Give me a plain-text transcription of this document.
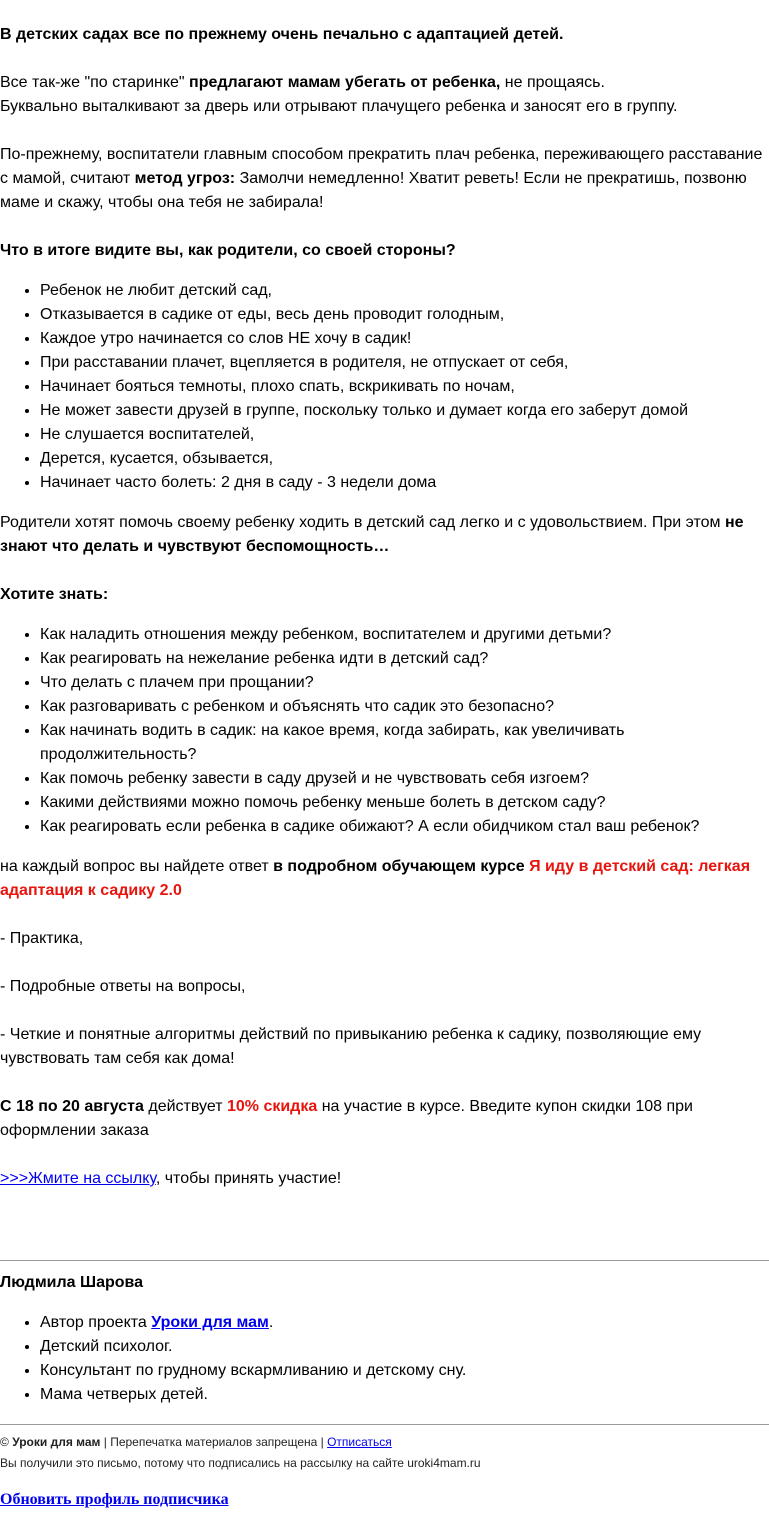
В детских садах все по прежнему очень печально с адаптацией детей.

Все так-же "по старинке" предлагают мамам убегать от ребенка, не прощаясь.

Буквально выталкивают за дверь или отрывают плачущего ребенка и заносят его в группу.

По-прежнему, воспитатели главным способом прекратить плач ребенка, переживающего расставание с мамой, считают метод угроз: Замолчи немедленно! Хватит реветь! Если не прекратишь, позвоню маме и скажу, чтобы она тебя не забирала!

Что в итоге видите вы, как родители, со своей стороны?

• Ребенок не любит детский сад,
• Отказывается в садике от еды, весь день проводит голодным,
• Каждое утро начинается со слов НЕ хочу в садик!
• При расставании плачет, вцепляется в родителя, не отпускает от себя,
• Начинает бояться темноты, плохо спать, вскрикивать по ночам,
• Не может завести друзей в группе, поскольку только и думает когда его заберут домой
• Не слушается воспитателей,
• Дерется, кусается, обзывается,
• Начинает часто болеть: 2 дня в саду - 3 недели дома

Родители хотят помочь своему ребенку ходить в детский сад легко и с удовольствием. При этом не знают что делать и чувствуют беспомощность…

Хотите знать:

• Как наладить отношения между ребенком, воспитателем и другими детьми?
• Как реагировать на нежелание ребенка идти в детский сад?
• Что делать с плачем при прощании?
• Как разговаривать с ребенком и объяснять что садик это безопасно?
• Как начинать водить в садик: на какое время, когда забирать, как увеличивать продолжительность?
• Как помочь ребенку завести в саду друзей и не чувствовать себя изгоем?
• Какими действиями можно помочь ребенку меньше болеть в детском саду?
• Как реагировать если ребенка в садике обижают? А если обидчиком стал ваш ребенок?

на каждый вопрос вы найдете ответ в подробном обучающем курсе Я иду в детский сад: легкая адаптация к садику 2.0

- Практика,

- Подробные ответы на вопросы,

- Четкие и понятные алгоритмы действий по привыканию ребенка к садику, позволяющие ему чувствовать там себя как дома!

С 18 по 20 августа действует 10% скидка на участие в курсе. Введите купон скидки 108 при оформлении заказа

>>>Жмите на ссылку, чтобы принять участие!

Людмила Шарова

• Автор проекта Уроки для мам.
• Детский психолог.
• Консультант по грудному вскармливанию и детскому сну.
• Мама четверых детей.

© Уроки для мам | Перепечатка материалов запрещена | Отписаться

Вы получили это письмо, потому что подписались на рассылку на сайте uroki4mam.ru

Обновить профиль подписчика
